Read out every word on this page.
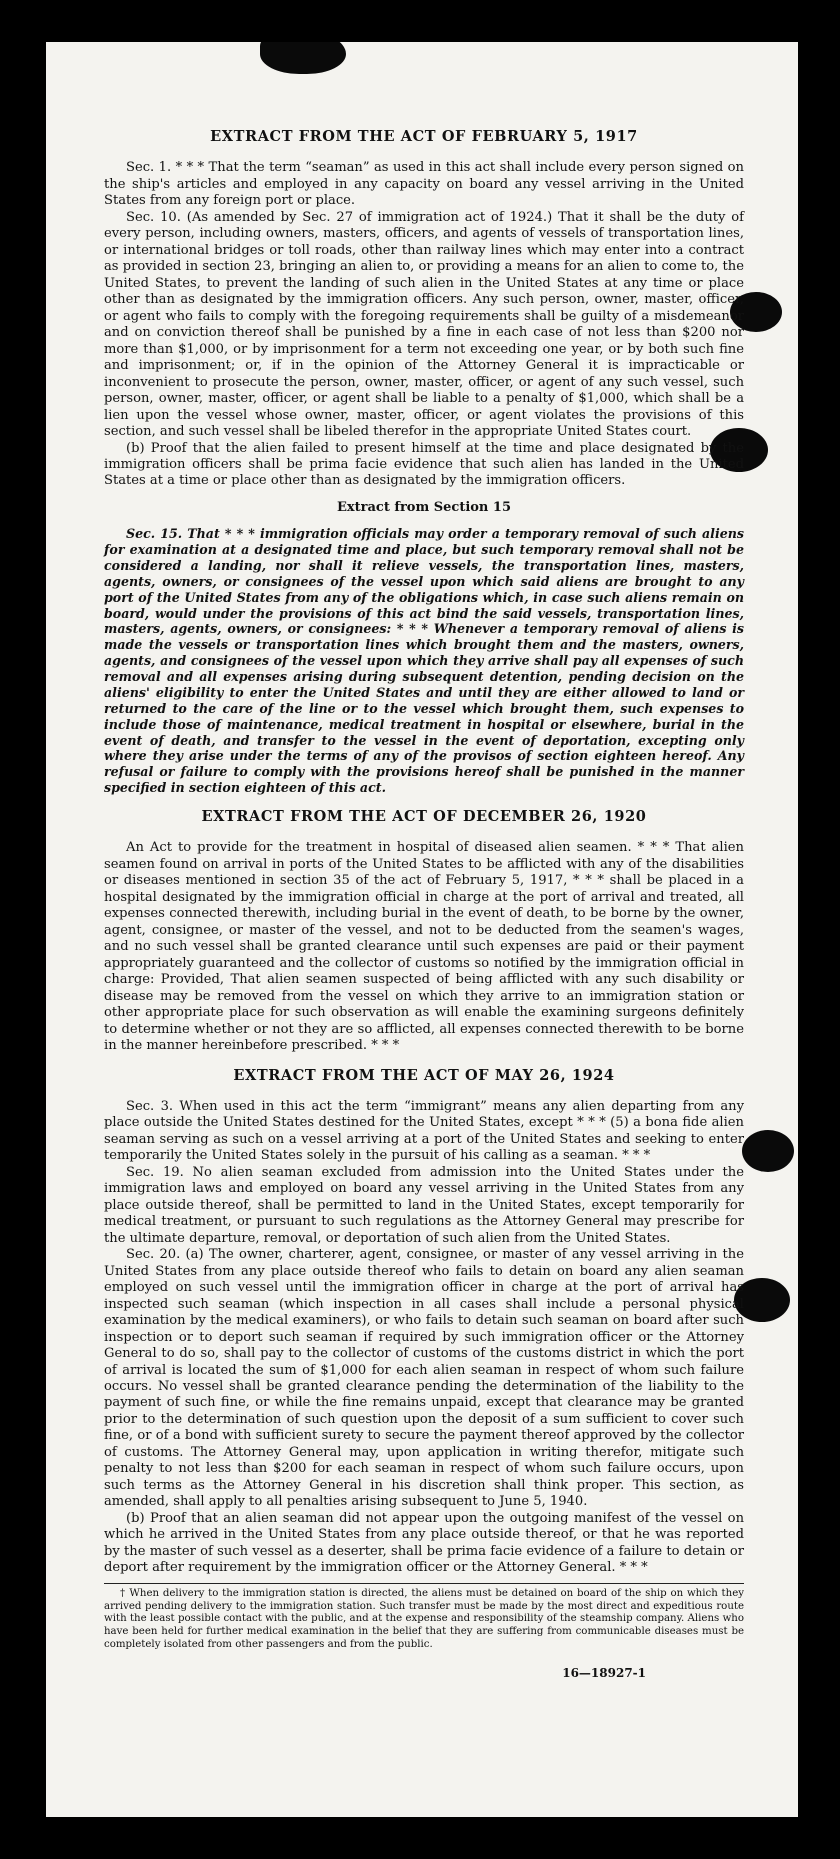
EXTRACT FROM THE ACT OF FEBRUARY 5, 1917

Sec. 1. * * * That the term “seaman” as used in this act shall include every person signed on the ship's articles and employed in any capacity on board any vessel arriving in the United States from any foreign port or place.

Sec. 10. (As amended by Sec. 27 of immigration act of 1924.) That it shall be the duty of every person, including owners, masters, officers, and agents of vessels of transportation lines, or international bridges or toll roads, other than railway lines which may enter into a contract as provided in section 23, bringing an alien to, or providing a means for an alien to come to, the United States, to prevent the landing of such alien in the United States at any time or place other than as designated by the immigration officers. Any such person, owner, master, officer, or agent who fails to comply with the foregoing requirements shall be guilty of a misdemeanor and on conviction thereof shall be punished by a fine in each case of not less than $200 nor more than $1,000, or by imprisonment for a term not exceeding one year, or by both such fine and imprisonment; or, if in the opinion of the Attorney General it is impracticable or inconvenient to prosecute the person, owner, master, officer, or agent of any such vessel, such person, owner, master, officer, or agent shall be liable to a penalty of $1,000, which shall be a lien upon the vessel whose owner, master, officer, or agent violates the provisions of this section, and such vessel shall be libeled therefor in the appropriate United States court.

(b) Proof that the alien failed to present himself at the time and place designated by the immigration officers shall be prima facie evidence that such alien has landed in the United States at a time or place other than as designated by the immigration officers.

Extract from Section 15

Sec. 15. That * * * immigration officials may order a temporary removal of such aliens for examination at a designated time and place, but such temporary removal shall not be considered a landing, nor shall it relieve vessels, the transportation lines, masters, agents, owners, or consignees of the vessel upon which said aliens are brought to any port of the United States from any of the obligations which, in case such aliens remain on board, would under the provisions of this act bind the said vessels, transportation lines, masters, agents, owners, or consignees: * * * Whenever a temporary removal of aliens is made the vessels or transportation lines which brought them and the masters, owners, agents, and consignees of the vessel upon which they arrive shall pay all expenses of such removal and all expenses arising during subsequent detention, pending decision on the aliens' eligibility to enter the United States and until they are either allowed to land or returned to the care of the line or to the vessel which brought them, such expenses to include those of maintenance, medical treatment in hospital or elsewhere, burial in the event of death, and transfer to the vessel in the event of deportation, excepting only where they arise under the terms of any of the provisos of section eighteen hereof. Any refusal or failure to comply with the provisions hereof shall be punished in the manner specified in section eighteen of this act.

EXTRACT FROM THE ACT OF DECEMBER 26, 1920

An Act to provide for the treatment in hospital of diseased alien seamen. * * * That alien seamen found on arrival in ports of the United States to be afflicted with any of the disabilities or diseases mentioned in section 35 of the act of February 5, 1917, * * * shall be placed in a hospital designated by the immigration official in charge at the port of arrival and treated, all expenses connected therewith, including burial in the event of death, to be borne by the owner, agent, consignee, or master of the vessel, and not to be deducted from the seamen's wages, and no such vessel shall be granted clearance until such expenses are paid or their payment appropriately guaranteed and the collector of customs so notified by the immigration official in charge: Provided, That alien seamen suspected of being afflicted with any such disability or disease may be removed from the vessel on which they arrive to an immigration station or other appropriate place for such observation as will enable the examining surgeons definitely to determine whether or not they are so afflicted, all expenses connected therewith to be borne in the manner hereinbefore prescribed. * * *

EXTRACT FROM THE ACT OF MAY 26, 1924

Sec. 3. When used in this act the term “immigrant” means any alien departing from any place outside the United States destined for the United States, except * * * (5) a bona fide alien seaman serving as such on a vessel arriving at a port of the United States and seeking to enter temporarily the United States solely in the pursuit of his calling as a seaman. * * *

Sec. 19. No alien seaman excluded from admission into the United States under the immigration laws and employed on board any vessel arriving in the United States from any place outside thereof, shall be permitted to land in the United States, except temporarily for medical treatment, or pursuant to such regulations as the Attorney General may prescribe for the ultimate departure, removal, or deportation of such alien from the United States.

Sec. 20. (a) The owner, charterer, agent, consignee, or master of any vessel arriving in the United States from any place outside thereof who fails to detain on board any alien seaman employed on such vessel until the immigration officer in charge at the port of arrival has inspected such seaman (which inspection in all cases shall include a personal physical examination by the medical examiners), or who fails to detain such seaman on board after such inspection or to deport such seaman if required by such immigration officer or the Attorney General to do so, shall pay to the collector of customs of the customs district in which the port of arrival is located the sum of $1,000 for each alien seaman in respect of whom such failure occurs. No vessel shall be granted clearance pending the determination of the liability to the payment of such fine, or while the fine remains unpaid, except that clearance may be granted prior to the determination of such question upon the deposit of a sum sufficient to cover such fine, or of a bond with sufficient surety to secure the payment thereof approved by the collector of customs. The Attorney General may, upon application in writing therefor, mitigate such penalty to not less than $200 for each seaman in respect of whom such failure occurs, upon such terms as the Attorney General in his discretion shall think proper. This section, as amended, shall apply to all penalties arising subsequent to June 5, 1940.

(b) Proof that an alien seaman did not appear upon the outgoing manifest of the vessel on which he arrived in the United States from any place outside thereof, or that he was reported by the master of such vessel as a deserter, shall be prima facie evidence of a failure to detain or deport after requirement by the immigration officer or the Attorney General. * * *

† When delivery to the immigration station is directed, the aliens must be detained on board of the ship on which they arrived pending delivery to the immigration station. Such transfer must be made by the most direct and expeditious route with the least possible contact with the public, and at the expense and responsibility of the steamship company. Aliens who have been held for further medical examination in the belief that they are suffering from communicable diseases must be completely isolated from other passengers and from the public.

16—18927-1
